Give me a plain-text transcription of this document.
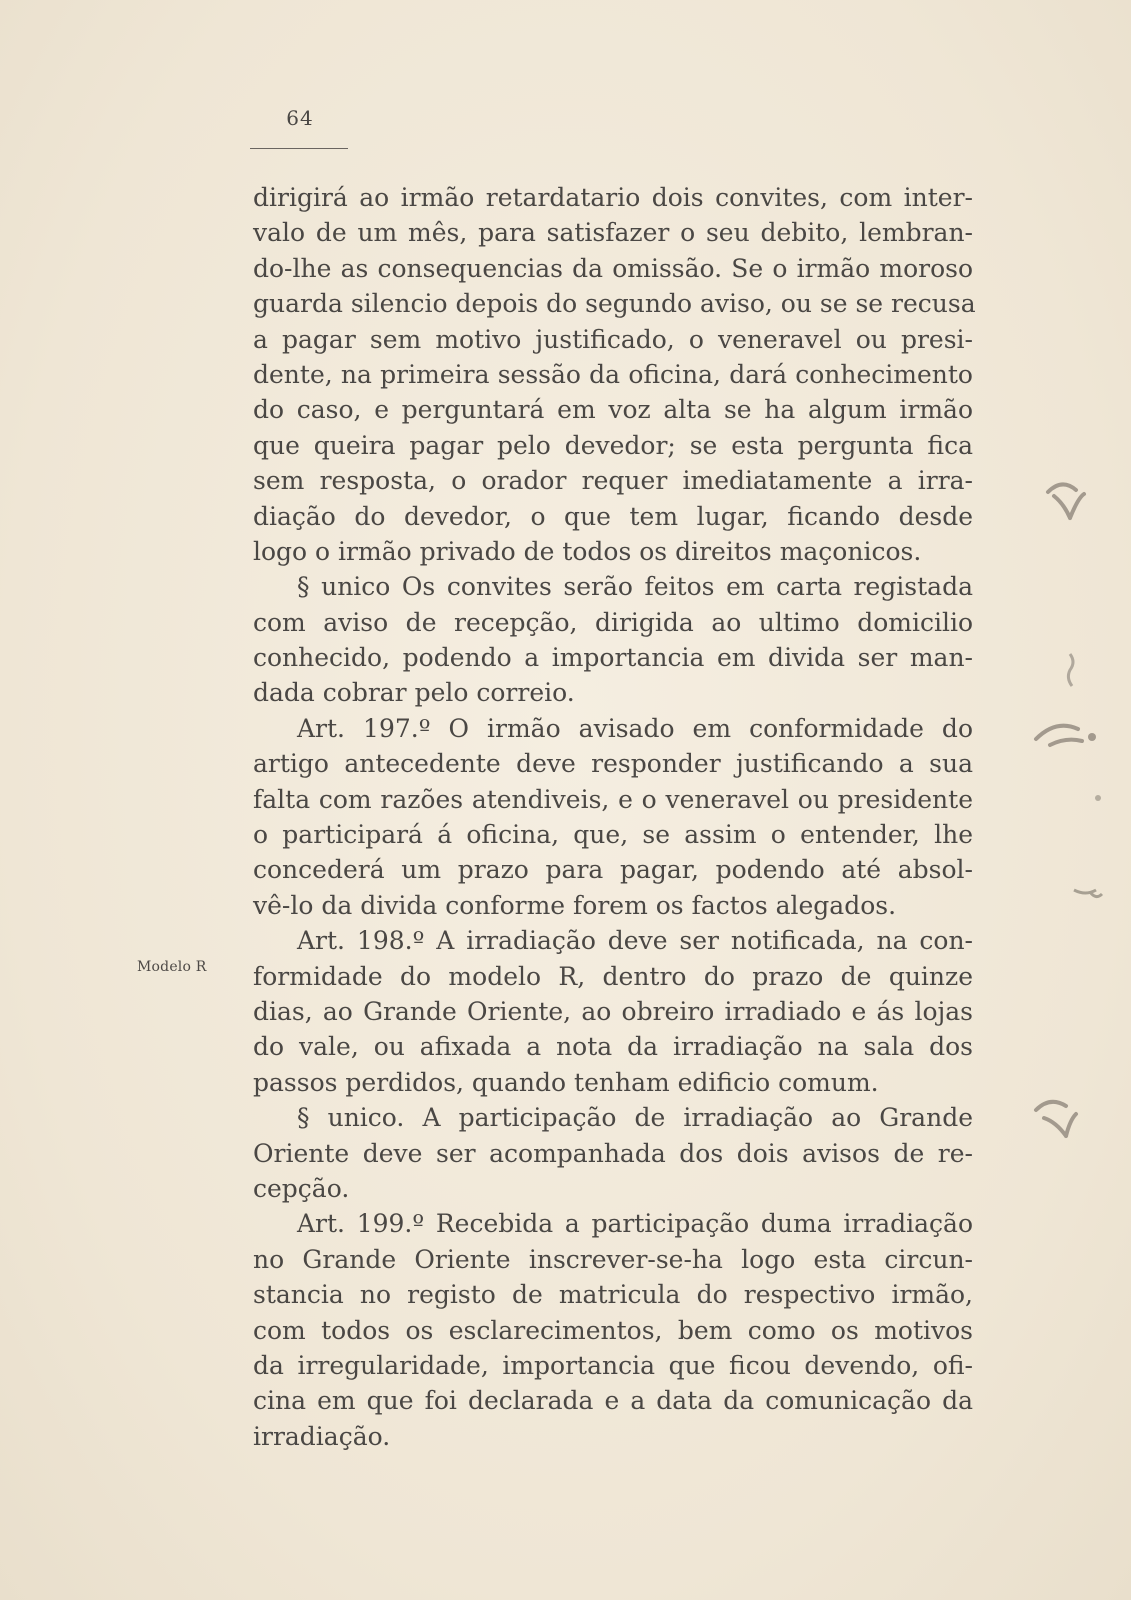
64
Modelo R
dirigirá ao irmão retardatario dois convites, com inter-
valo de um mês, para satisfazer o seu debito, lembran-
do-lhe as consequencias da omissão. Se o irmão moroso
guarda silencio depois do segundo aviso, ou se se recusa
a pagar sem motivo justificado, o veneravel ou presi-
dente, na primeira sessão da oficina, dará conhecimento
do caso, e perguntará em voz alta se ha algum irmão
que queira pagar pelo devedor; se esta pergunta fica
sem resposta, o orador requer imediatamente a irra-
diação do devedor, o que tem lugar, ficando desde
logo o irmão privado de todos os direitos maçonicos.
§ unico Os convites serão feitos em carta registada
com aviso de recepção, dirigida ao ultimo domicilio
conhecido, podendo a importancia em divida ser man-
dada cobrar pelo correio.
Art. 197.º O irmão avisado em conformidade do
artigo antecedente deve responder justificando a sua
falta com razões atendiveis, e o veneravel ou presidente
o participará á oficina, que, se assim o entender, lhe
concederá um prazo para pagar, podendo até absol-
vê-lo da divida conforme forem os factos alegados.
Art. 198.º A irradiação deve ser notificada, na con-
formidade do modelo R, dentro do prazo de quinze
dias, ao Grande Oriente, ao obreiro irradiado e ás lojas
do vale, ou afixada a nota da irradiação na sala dos
passos perdidos, quando tenham edificio comum.
§ unico. A participação de irradiação ao Grande
Oriente deve ser acompanhada dos dois avisos de re-
cepção.
Art. 199.º Recebida a participação duma irradiação
no Grande Oriente inscrever-se-ha logo esta circun-
stancia no registo de matricula do respectivo irmão,
com todos os esclarecimentos, bem como os motivos
da irregularidade, importancia que ficou devendo, ofi-
cina em que foi declarada e a data da comunicação da
irradiação.
